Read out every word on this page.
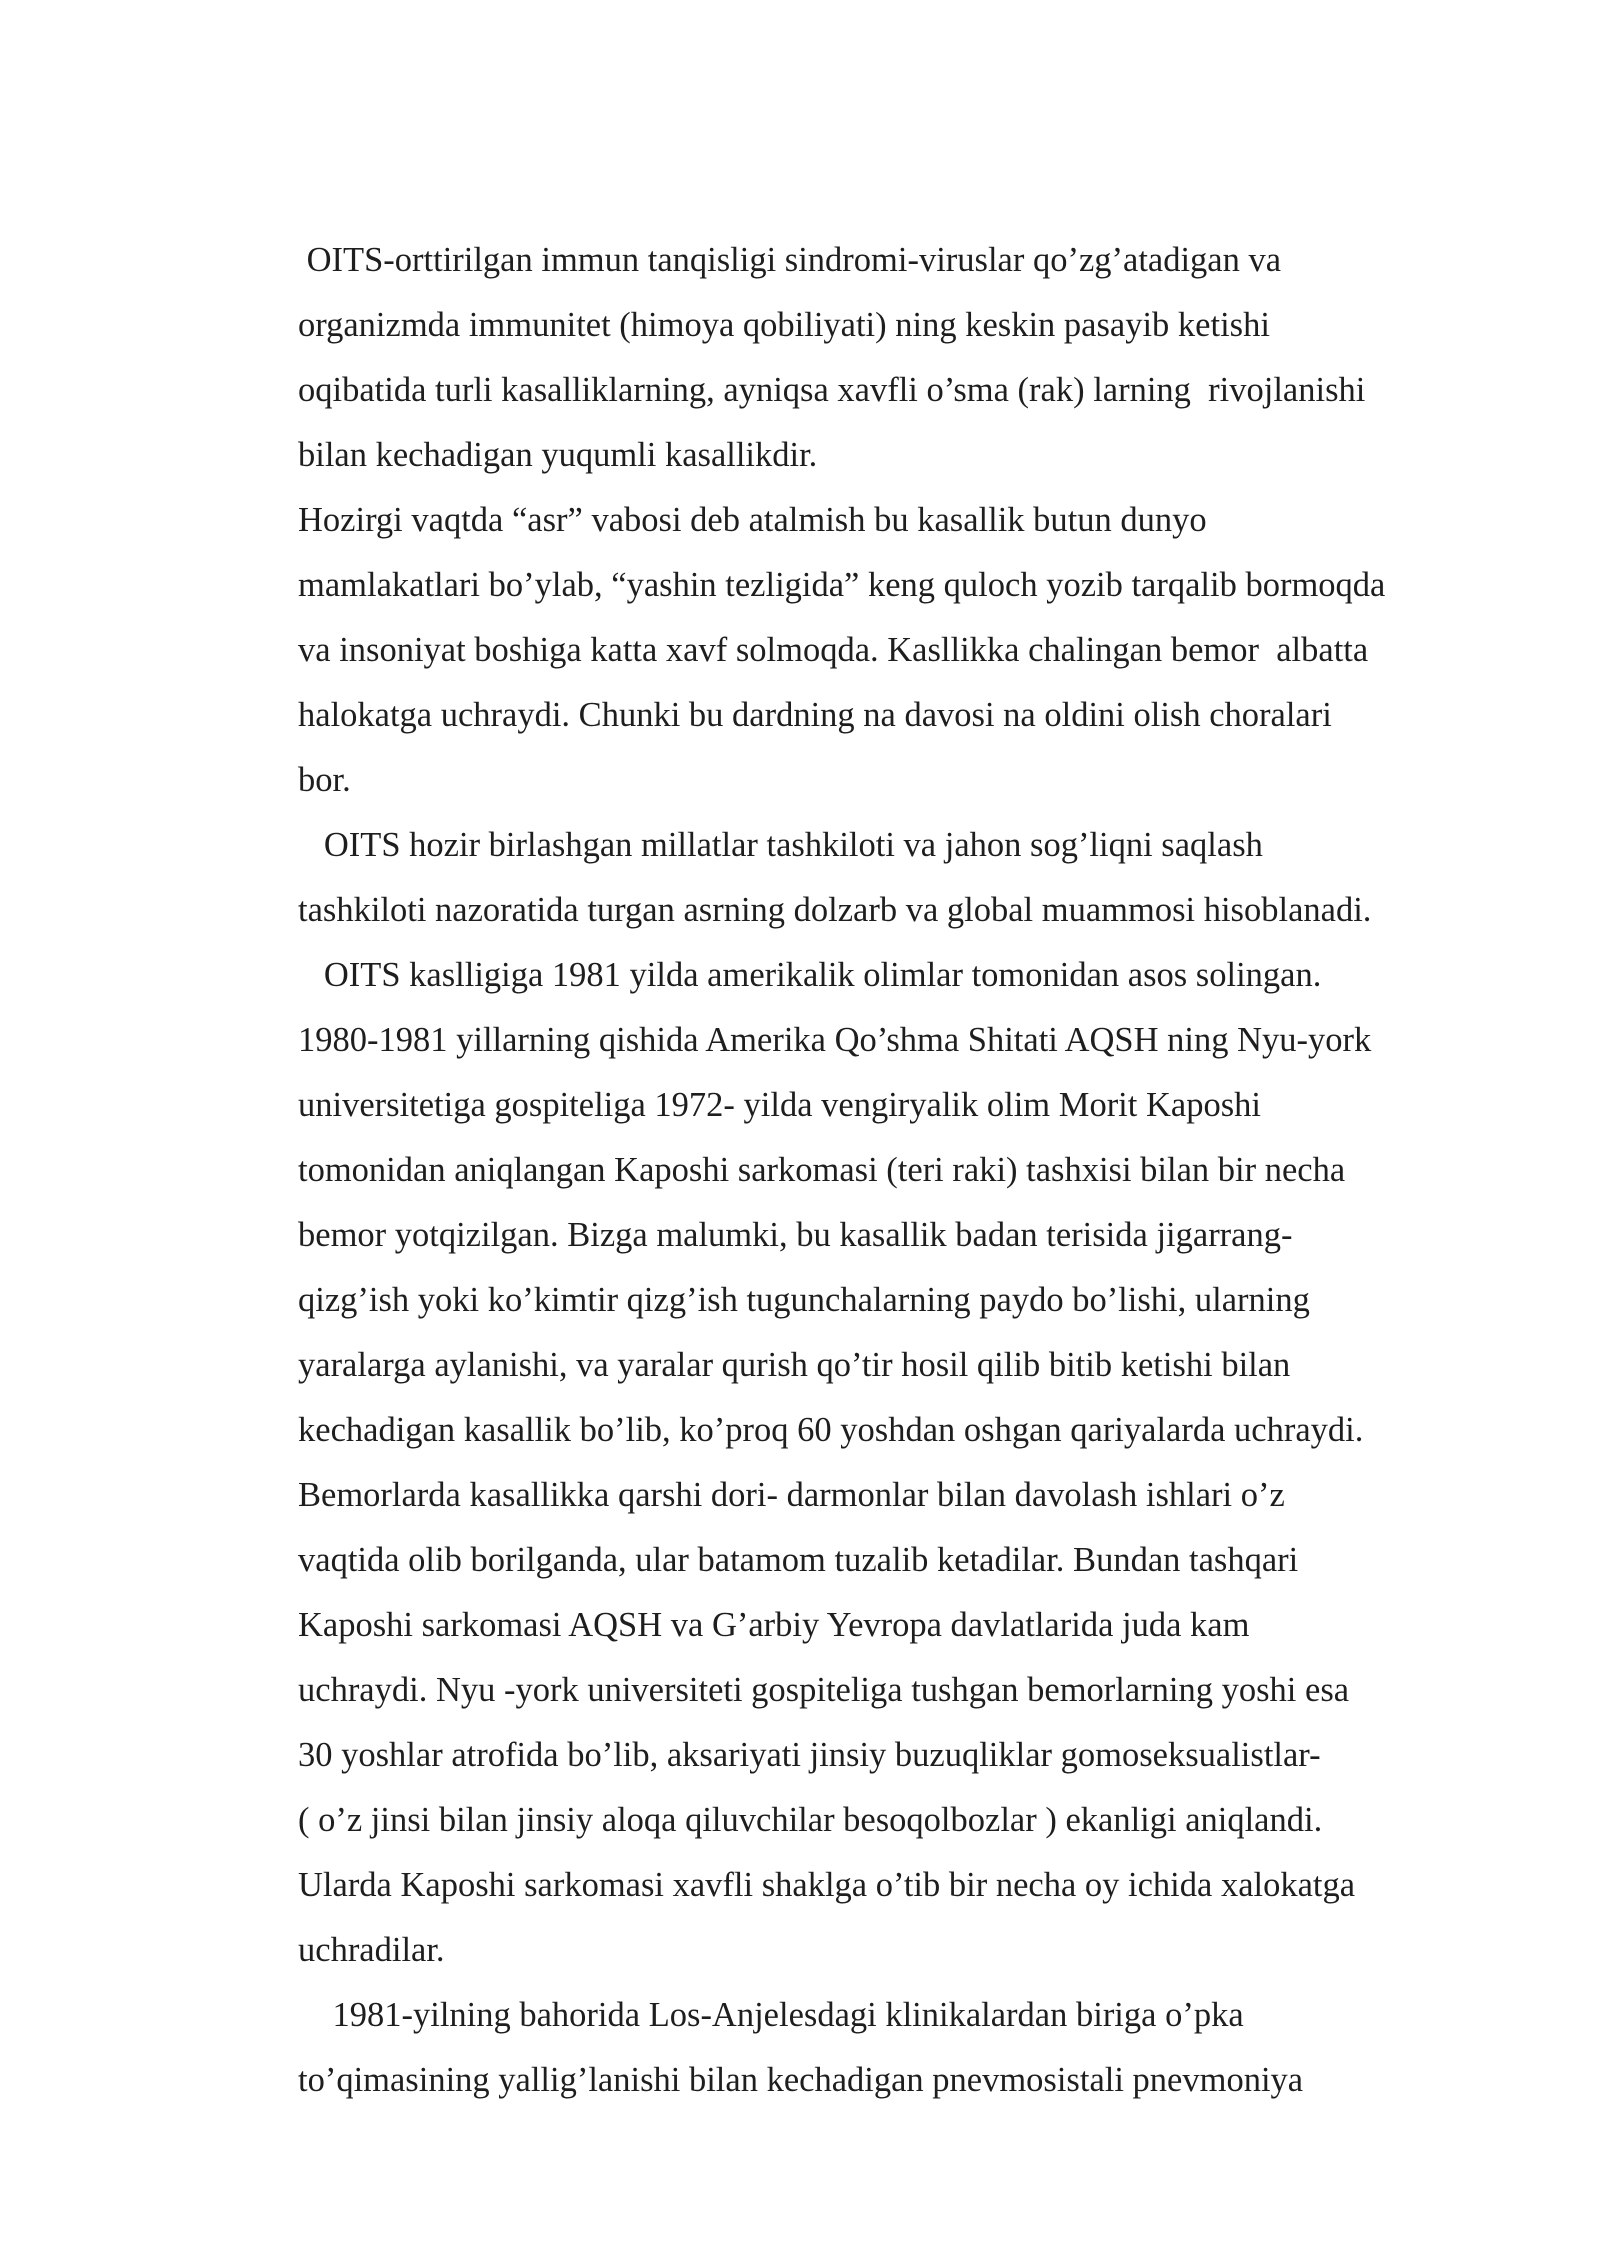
OITS-orttirilgan immun tanqisligi sindromi-viruslar qo’zg’atadigan va
organizmda immunitet (himoya qobiliyati) ning keskin pasayib ketishi
oqibatida turli kasalliklarning, ayniqsa xavfli o’sma (rak) larning  rivojlanishi
bilan kechadigan yuqumli kasallikdir.
Hozirgi vaqtda “asr” vabosi deb atalmish bu kasallik butun dunyo
mamlakatlari bo’ylab, “yashin tezligida” keng quloch yozib tarqalib bormoqda
va insoniyat boshiga katta xavf solmoqda. Kasllikka chalingan bemor  albatta
halokatga uchraydi. Chunki bu dardning na davosi na oldini olish choralari
bor.
OITS hozir birlashgan millatlar tashkiloti va jahon sog’liqni saqlash
tashkiloti nazoratida turgan asrning dolzarb va global muammosi hisoblanadi.
OITS kaslligiga 1981 yilda amerikalik olimlar tomonidan asos solingan.
1980-1981 yillarning qishida Amerika Qo’shma Shitati AQSH ning Nyu-york
universitetiga gospiteliga 1972- yilda vengiryalik olim Morit Kaposhi
tomonidan aniqlangan Kaposhi sarkomasi (teri raki) tashxisi bilan bir necha
bemor yotqizilgan. Bizga malumki, bu kasallik badan terisida jigarrang-
qizg’ish yoki ko’kimtir qizg’ish tugunchalarning paydo bo’lishi, ularning
yaralarga aylanishi, va yaralar qurish qo’tir hosil qilib bitib ketishi bilan
kechadigan kasallik bo’lib, ko’proq 60 yoshdan oshgan qariyalarda uchraydi.
Bemorlarda kasallikka qarshi dori- darmonlar bilan davolash ishlari o’z
vaqtida olib borilganda, ular batamom tuzalib ketadilar. Bundan tashqari
Kaposhi sarkomasi AQSH va G’arbiy Yevropa davlatlarida juda kam
uchraydi. Nyu -york universiteti gospiteliga tushgan bemorlarning yoshi esa
30 yoshlar atrofida bo’lib, aksariyati jinsiy buzuqliklar gomoseksualistlar-
( o’z jinsi bilan jinsiy aloqa qiluvchilar besoqolbozlar ) ekanligi aniqlandi.
Ularda Kaposhi sarkomasi xavfli shaklga o’tib bir necha oy ichida xalokatga
uchradilar.
1981-yilning bahorida Los-Anjelesdagi klinikalardan biriga o’pka
to’qimasining yallig’lanishi bilan kechadigan pnevmosistali pnevmoniya
